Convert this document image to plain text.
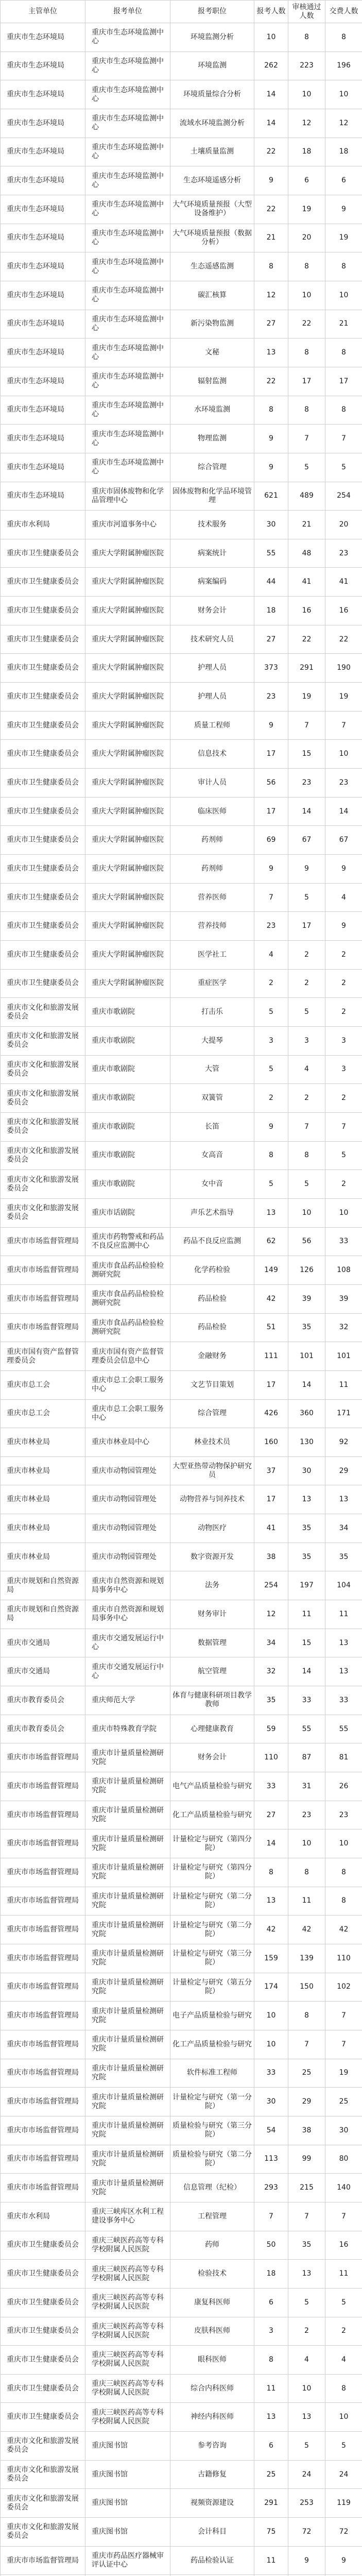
主管单位	报考单位	报考职位	报考人数	审核通过人数	交费人数
重庆市生态环境局	重庆市生态环境监测中心	环境监测分析	10	8	8
重庆市生态环境局	重庆市生态环境监测中心	环境监测	262	223	196
重庆市生态环境局	重庆市生态环境监测中心	环境质量综合分析	14	10	10
重庆市生态环境局	重庆市生态环境监测中心	流域水环境监测分析	14	12	12
重庆市生态环境局	重庆市生态环境监测中心	土壤质量监测	22	18	18
重庆市生态环境局	重庆市生态环境监测中心	生态环境遥感分析	9	6	6
重庆市生态环境局	重庆市生态环境监测中心	大气环境质量预报（大型设备维护）	22	19	9
重庆市生态环境局	重庆市生态环境监测中心	大气环境质量预报（数据分析）	21	20	19
重庆市生态环境局	重庆市生态环境监测中心	生态遥感监测	8	8	8
重庆市生态环境局	重庆市生态环境监测中心	碳汇核算	12	10	10
重庆市生态环境局	重庆市生态环境监测中心	新污染物监测	27	22	21
重庆市生态环境局	重庆市生态环境监测中心	文秘	13	8	8
重庆市生态环境局	重庆市生态环境监测中心	辐射监测	22	17	17
重庆市生态环境局	重庆市生态环境监测中心	水环境监测	8	8	8
重庆市生态环境局	重庆市生态环境监测中心	物理监测	9	7	7
重庆市生态环境局	重庆市生态环境监测中心	综合管理	9	5	5
重庆市生态环境局	重庆市固体废物和化学品管理中心	固体废物和化学品环境管理	621	489	254
重庆市水利局	重庆市河道事务中心	技术服务	30	21	20
重庆市卫生健康委员会	重庆大学附属肿瘤医院	病案统计	55	48	23
重庆市卫生健康委员会	重庆大学附属肿瘤医院	病案编码	44	41	41
重庆市卫生健康委员会	重庆大学附属肿瘤医院	财务会计	18	16	16
重庆市卫生健康委员会	重庆大学附属肿瘤医院	技术研究人员	27	22	22
重庆市卫生健康委员会	重庆大学附属肿瘤医院	护理人员	373	291	190
重庆市卫生健康委员会	重庆大学附属肿瘤医院	护理人员	23	19	19
重庆市卫生健康委员会	重庆大学附属肿瘤医院	质量工程师	9	7	7
重庆市卫生健康委员会	重庆大学附属肿瘤医院	信息技术	17	15	10
重庆市卫生健康委员会	重庆大学附属肿瘤医院	审计人员	56	23	23
重庆市卫生健康委员会	重庆大学附属肿瘤医院	临床医师	17	14	14
重庆市卫生健康委员会	重庆大学附属肿瘤医院	药剂师	69	67	67
重庆市卫生健康委员会	重庆大学附属肿瘤医院	药剂师	9	9	9
重庆市卫生健康委员会	重庆大学附属肿瘤医院	营养医师	7	5	4
重庆市卫生健康委员会	重庆大学附属肿瘤医院	营养技师	23	17	9
重庆市卫生健康委员会	重庆大学附属肿瘤医院	医学社工	4	2	2
重庆市卫生健康委员会	重庆大学附属肿瘤医院	重症医学	2	2	2
重庆市文化和旅游发展委员会	重庆市歌剧院	打击乐	5	5	2
重庆市文化和旅游发展委员会	重庆市歌剧院	大提琴	3	3	3
重庆市文化和旅游发展委员会	重庆市歌剧院	大管	5	4	3
重庆市文化和旅游发展委员会	重庆市歌剧院	双簧管	2	2	2
重庆市文化和旅游发展委员会	重庆市歌剧院	长笛	9	7	7
重庆市文化和旅游发展委员会	重庆市歌剧院	女高音	8	8	5
重庆市文化和旅游发展委员会	重庆市歌剧院	女中音	5	5	2
重庆市文化和旅游发展委员会	重庆市话剧院	声乐艺术指导	13	10	10
重庆市市场监督管理局	重庆市药物警戒和药品不良反应监测中心	药品不良反应监测	62	56	33
重庆市市场监督管理局	重庆市食品药品检验检测研究院	化学药检验	149	126	108
重庆市市场监督管理局	重庆市食品药品检验检测研究院	药品检验	42	39	39
重庆市市场监督管理局	重庆市食品药品检验检测研究院	药品检验	51	35	32
重庆市国有资产监督管理委员会	重庆市国有资产监督管理委员会信息中心	金融财务	111	101	101
重庆市总工会	重庆市总工会职工服务中心	文艺节目策划	17	14	11
重庆市总工会	重庆市总工会职工服务中心	综合管理	426	360	171
重庆市林业局	重庆市林业局中心	林业技术员	160	130	92
重庆市林业局	重庆市动物园管理处	大型亚热带动物保护研究员	37	30	29
重庆市林业局	重庆市动物园管理处	动物营养与饲养技术	17	13	13
重庆市林业局	重庆市动物园管理处	动物医疗	41	35	34
重庆市林业局	重庆市动物园管理处	数字资源开发	38	35	35
重庆市规划和自然资源局	重庆市自然资源和规划局事务中心	法务	254	197	104
重庆市规划和自然资源局	重庆市自然资源和规划局事务中心	财务审计	12	11	11
重庆市交通局	重庆市交通发展运行中心	数据管理	34	15	13
重庆市交通局	重庆市交通发展运行中心	航空管理	32	14	13
重庆市教育委员会	重庆师范大学	体育与健康科研项目教学教师	35	33	33
重庆市教育委员会	重庆市特殊教育学院	心理健康教育	59	55	55
重庆市市场监督管理局	重庆市计量质量检测研究院	财务会计	110	87	81
重庆市市场监督管理局	重庆市计量质量检测研究院	电气产品质量检验与研究	33	31	26
重庆市市场监督管理局	重庆市计量质量检测研究院	化工产品质量检验与研究	27	23	23
重庆市市场监督管理局	重庆市计量质量检测研究院	计量检定与研究（第四分院）	14	10	10
重庆市市场监督管理局	重庆市计量质量检测研究院	计量检定与研究（第四分院）	8	8	8
重庆市市场监督管理局	重庆市计量质量检测研究院	计量检定与研究（第二分院）	13	11	8
重庆市市场监督管理局	重庆市计量质量检测研究院	计量检定与研究（第二分院）	42	42	42
重庆市市场监督管理局	重庆市计量质量检测研究院	计量检定与研究（第三分院）	159	139	110
重庆市市场监督管理局	重庆市计量质量检测研究院	计量检定与研究（第五分院）	174	150	102
重庆市市场监督管理局	重庆市计量质量检测研究院	电子产品质量检验与研究	10	8	7
重庆市市场监督管理局	重庆市计量质量检测研究院	化工产品质量检验与研究	10	7	7
重庆市市场监督管理局	重庆市计量质量检测研究院	软件标准工程师	33	25	19
重庆市市场监督管理局	重庆市计量质量检测研究院	计量检定与研究（第一分院）	30	29	25
重庆市市场监督管理局	重庆市计量质量检测研究院	质量检验与研究（第三分院）	54	38	30
重庆市市场监督管理局	重庆市计量质量检测研究院	质量检验与研究（第二分院）	113	99	80
重庆市市场监督管理局	重庆市计量质量检测研究院	信息管理（纪检）	293	215	140
重庆市水利局	重庆三峡库区水利工程建设事务中心	工程管理	7	7	7
重庆市卫生健康委员会	重庆三峡医药高等专科学校附属人民医院	药师	50	35	16
重庆市卫生健康委员会	重庆三峡医药高等专科学校附属人民医院	检验技术	18	13	11
重庆市卫生健康委员会	重庆三峡医药高等专科学校附属人民医院	康复科医师	6	5	5
重庆市卫生健康委员会	重庆三峡医药高等专科学校附属人民医院	皮肤科医师	3	2	2
重庆市卫生健康委员会	重庆三峡医药高等专科学校附属人民医院	眼科医师	8	4	4
重庆市卫生健康委员会	重庆三峡医药高等专科学校附属人民医院	综合内科医师	11	10	8
重庆市卫生健康委员会	重庆三峡医药高等专科学校附属人民医院	神经内科医师	13	13	10
重庆市文化和旅游发展委员会	重庆图书馆	参考咨询	6	5	5
重庆市文化和旅游发展委员会	重庆图书馆	古籍修复	25	24	24
重庆市文化和旅游发展委员会	重庆图书馆	视频资源建设	291	253	119
重庆市文化和旅游发展委员会	重庆图书馆	会计科目	75	72	72
重庆市市场监督管理局	重庆市药品医疗器械审评认证中心	药品检验认证	11	9	9
